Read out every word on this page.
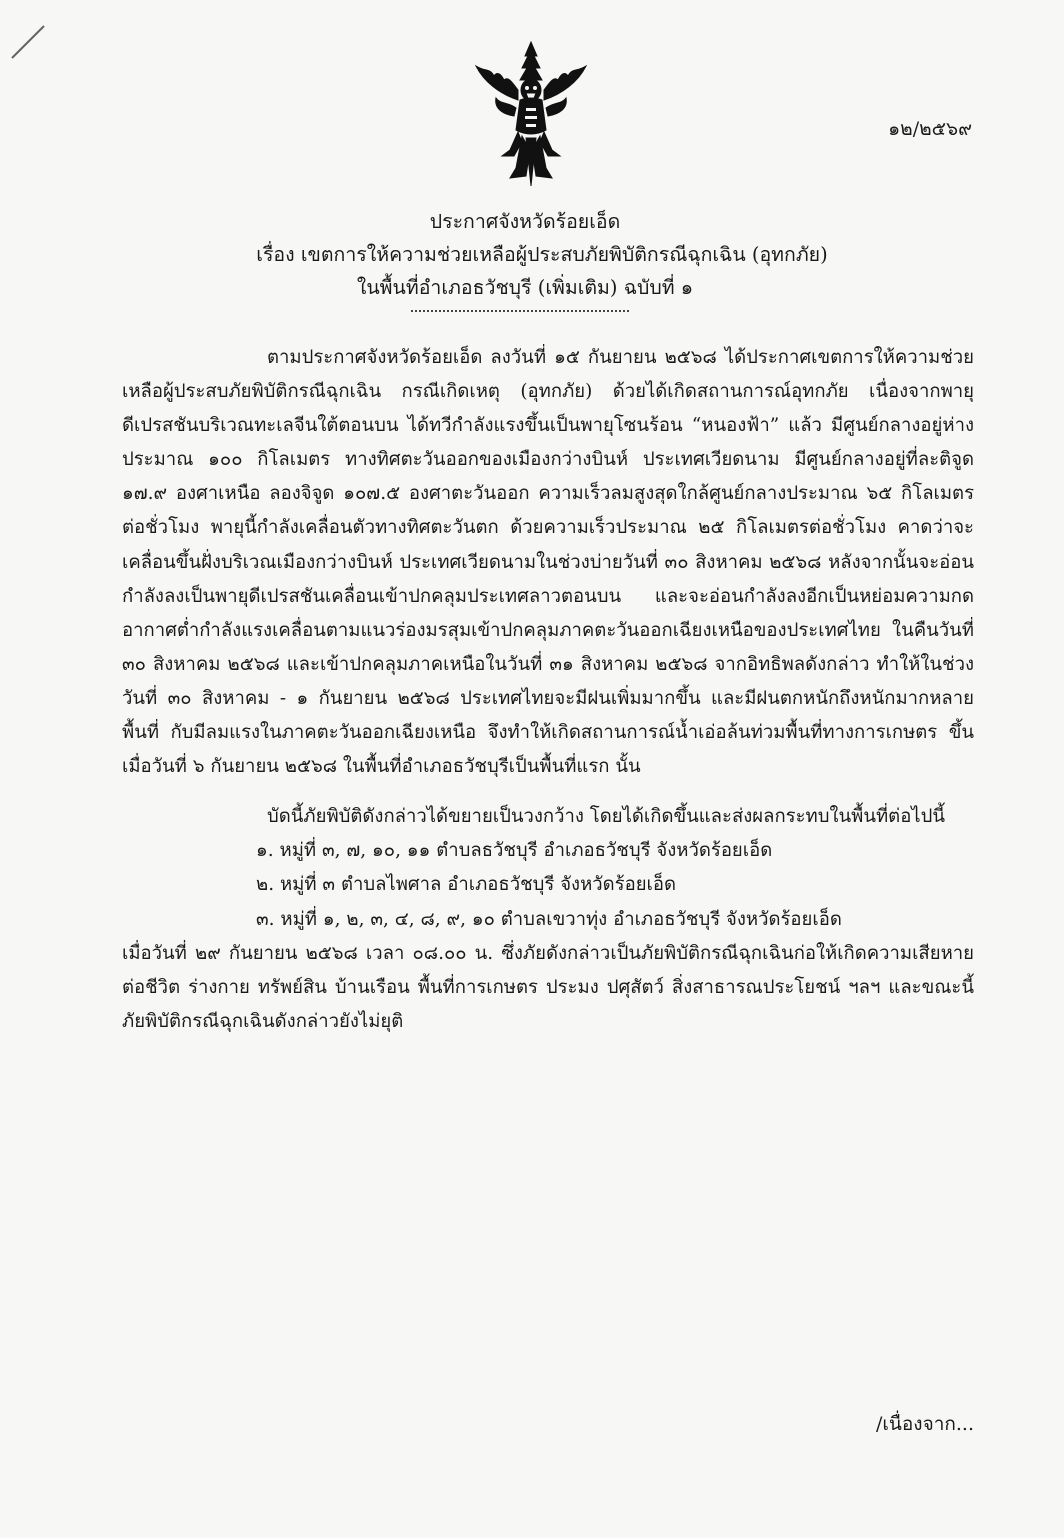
๑๒/๒๕๖๙
ประกาศจังหวัดร้อยเอ็ด
เรื่อง เขตการให้ความช่วยเหลือผู้ประสบภัยพิบัติกรณีฉุกเฉิน (อุทกภัย)
ในพื้นที่อำเภอธวัชบุรี (เพิ่มเติม) ฉบับที่ ๑

ตามประกาศจังหวัดร้อยเอ็ด ลงวันที่ ๑๕ กันยายน ๒๕๖๘ ได้ประกาศเขตการให้ความช่วยเหลือผู้ประสบภัยพิบัติกรณีฉุกเฉิน กรณีเกิดเหตุ (อุทกภัย) ด้วยได้เกิดสถานการณ์อุทกภัย เนื่องจากพายุดีเปรสชันบริเวณทะเลจีนใต้ตอนบน ได้ทวีกำลังแรงขึ้นเป็นพายุโซนร้อน “หนองฟ้า” แล้ว มีศูนย์กลางอยู่ห่างประมาณ ๑๐๐ กิโลเมตร ทางทิศตะวันออกของเมืองกว่างบินห์ ประเทศเวียดนาม มีศูนย์กลางอยู่ที่ละติจูด ๑๗.๙ องศาเหนือ ลองจิจูด ๑๐๗.๕ องศาตะวันออก ความเร็วลมสูงสุดใกล้ศูนย์กลางประมาณ ๖๕ กิโลเมตรต่อชั่วโมง พายุนี้กำลังเคลื่อนตัวทางทิศตะวันตก ด้วยความเร็วประมาณ ๒๕ กิโลเมตรต่อชั่วโมง คาดว่าจะเคลื่อนขึ้นฝั่งบริเวณเมืองกว่างบินห์ ประเทศเวียดนามในช่วงบ่ายวันที่ ๓๐ สิงหาคม ๒๕๖๘ หลังจากนั้นจะอ่อนกำลังลงเป็นพายุดีเปรสชันเคลื่อนเข้าปกคลุมประเทศลาวตอนบน และจะอ่อนกำลังลงอีกเป็นหย่อมความกดอากาศต่ำกำลังแรงเคลื่อนตามแนวร่องมรสุมเข้าปกคลุมภาคตะวันออกเฉียงเหนือของประเทศไทย ในคืนวันที่ ๓๐ สิงหาคม ๒๕๖๘ และเข้าปกคลุมภาคเหนือในวันที่ ๓๑ สิงหาคม ๒๕๖๘ จากอิทธิพลดังกล่าว ทำให้ในช่วงวันที่ ๓๐ สิงหาคม - ๑ กันยายน ๒๕๖๘ ประเทศไทยจะมีฝนเพิ่มมากขึ้น และมีฝนตกหนักถึงหนักมากหลายพื้นที่ กับมีลมแรงในภาคตะวันออกเฉียงเหนือ จึงทำให้เกิดสถานการณ์น้ำเอ่อล้นท่วมพื้นที่ทางการเกษตร ขึ้นเมื่อวันที่ ๖ กันยายน ๒๕๖๘ ในพื้นที่อำเภอธวัชบุรีเป็นพื้นที่แรก นั้น

บัดนี้ภัยพิบัติดังกล่าวได้ขยายเป็นวงกว้าง โดยได้เกิดขึ้นและส่งผลกระทบในพื้นที่ต่อไปนี้

๑. หมู่ที่ ๓, ๗, ๑๐, ๑๑ ตำบลธวัชบุรี อำเภอธวัชบุรี จังหวัดร้อยเอ็ด

๒. หมู่ที่ ๓ ตำบลไพศาล อำเภอธวัชบุรี จังหวัดร้อยเอ็ด

๓. หมู่ที่ ๑, ๒, ๓, ๔, ๘, ๙, ๑๐ ตำบลเขวาทุ่ง อำเภอธวัชบุรี จังหวัดร้อยเอ็ด

เมื่อวันที่ ๒๙ กันยายน ๒๕๖๘ เวลา ๐๘.๐๐ น. ซึ่งภัยดังกล่าวเป็นภัยพิบัติกรณีฉุกเฉินก่อให้เกิดความเสียหายต่อชีวิต ร่างกาย ทรัพย์สิน บ้านเรือน พื้นที่การเกษตร ประมง ปศุสัตว์ สิ่งสาธารณประโยชน์ ฯลฯ และขณะนี้ภัยพิบัติกรณีฉุกเฉินดังกล่าวยังไม่ยุติ

/เนื่องจาก...
